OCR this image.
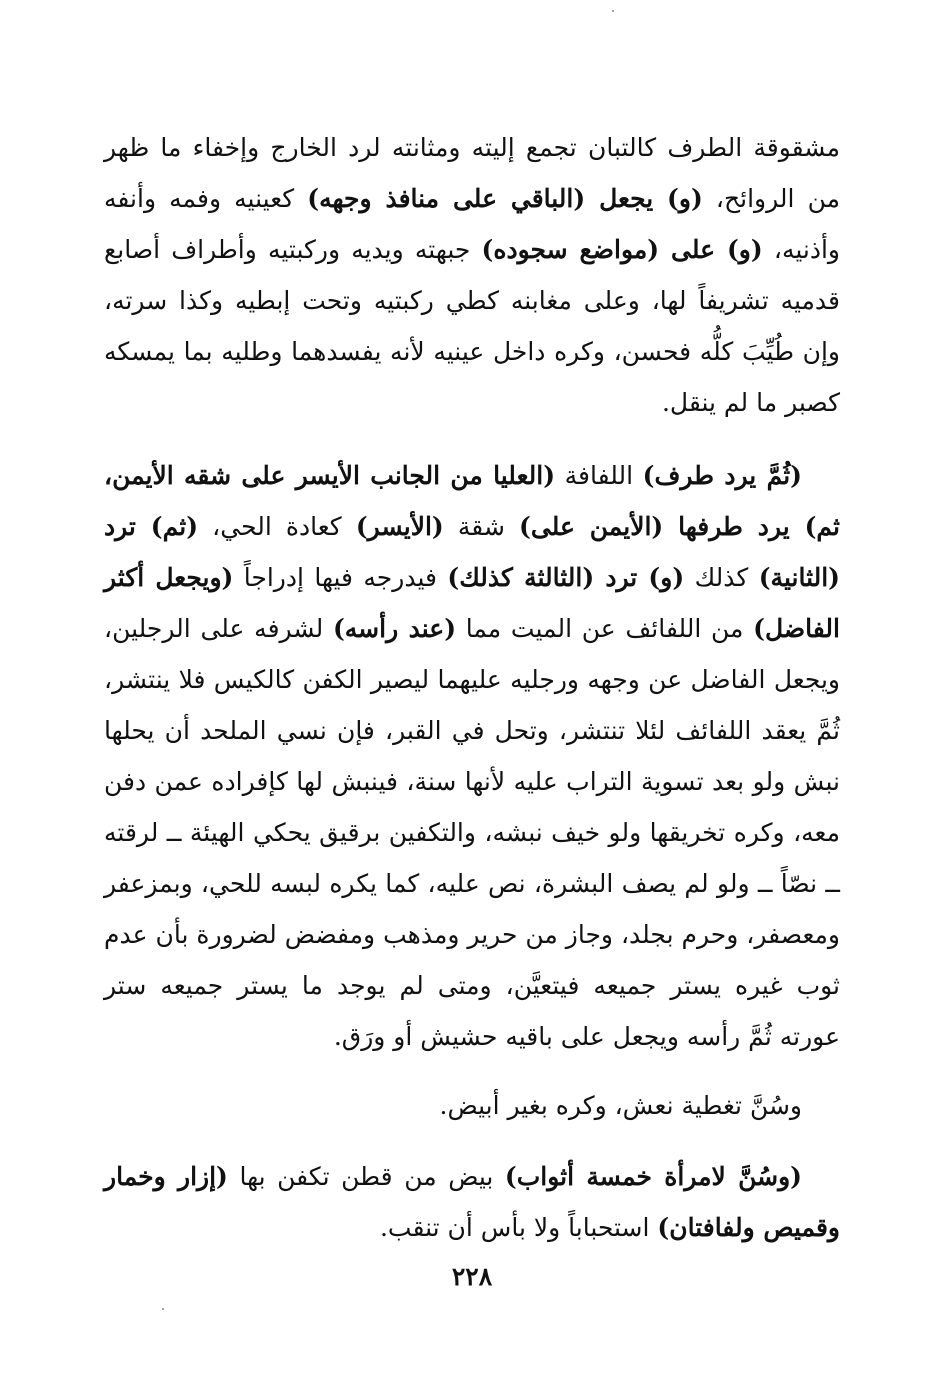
مشقوقة الطرف كالتبان تجمع إليته ومثانته لرد الخارج وإخفاء ما ظهر من الروائح، (و) يجعل (الباقي على منافذ وجهه) كعينيه وفمه وأنفه وأذنيه، (و) على (مواضع سجوده) جبهته ويديه وركبتيه وأطراف أصابع قدميه تشريفاً لها، وعلى مغابنه كطي ركبتيه وتحت إبطيه وكذا سرته، وإن طُيِّبَ كلُّه فحسن، وكره داخل عينيه لأنه يفسدهما وطليه بما يمسكه كصبر ما لم ينقل.

(ثُمَّ يرد طرف) اللفافة (العليا من الجانب الأيسر على شقه الأيمن، ثم) يرد طرفها (الأيمن على) شقة (الأيسر) كعادة الحي، (ثم) ترد (الثانية) كذلك (و) ترد (الثالثة كذلك) فيدرجه فيها إدراجاً (ويجعل أكثر الفاضل) من اللفائف عن الميت مما (عند رأسه) لشرفه على الرجلين، ويجعل الفاضل عن وجهه ورجليه عليهما ليصير الكفن كالكيس فلا ينتشر، ثُمَّ يعقد اللفائف لئلا تنتشر، وتحل في القبر، فإن نسي الملحد أن يحلها نبش ولو بعد تسوية التراب عليه لأنها سنة، فينبش لها كإفراده عمن دفن معه، وكره تخريقها ولو خيف نبشه، والتكفين برقيق يحكي الهيئة ــ لرقته ــ نصّاً ــ ولو لم يصف البشرة، نص عليه، كما يكره لبسه للحي، وبمزعفر ومعصفر، وحرم بجلد، وجاز من حرير ومذهب ومفضض لضرورة بأن عدم ثوب غيره يستر جميعه فيتعيَّن، ومتى لم يوجد ما يستر جميعه ستر عورته ثُمَّ رأسه ويجعل على باقيه حشيش أو ورَق.

وسُنَّ تغطية نعش، وكره بغير أبيض.

(وسُنَّ لامرأة خمسة أثواب) بيض من قطن تكفن بها (إزار وخمار وقميص ولفافتان) استحباباً ولا بأس أن تنقب.

٢٢٨
